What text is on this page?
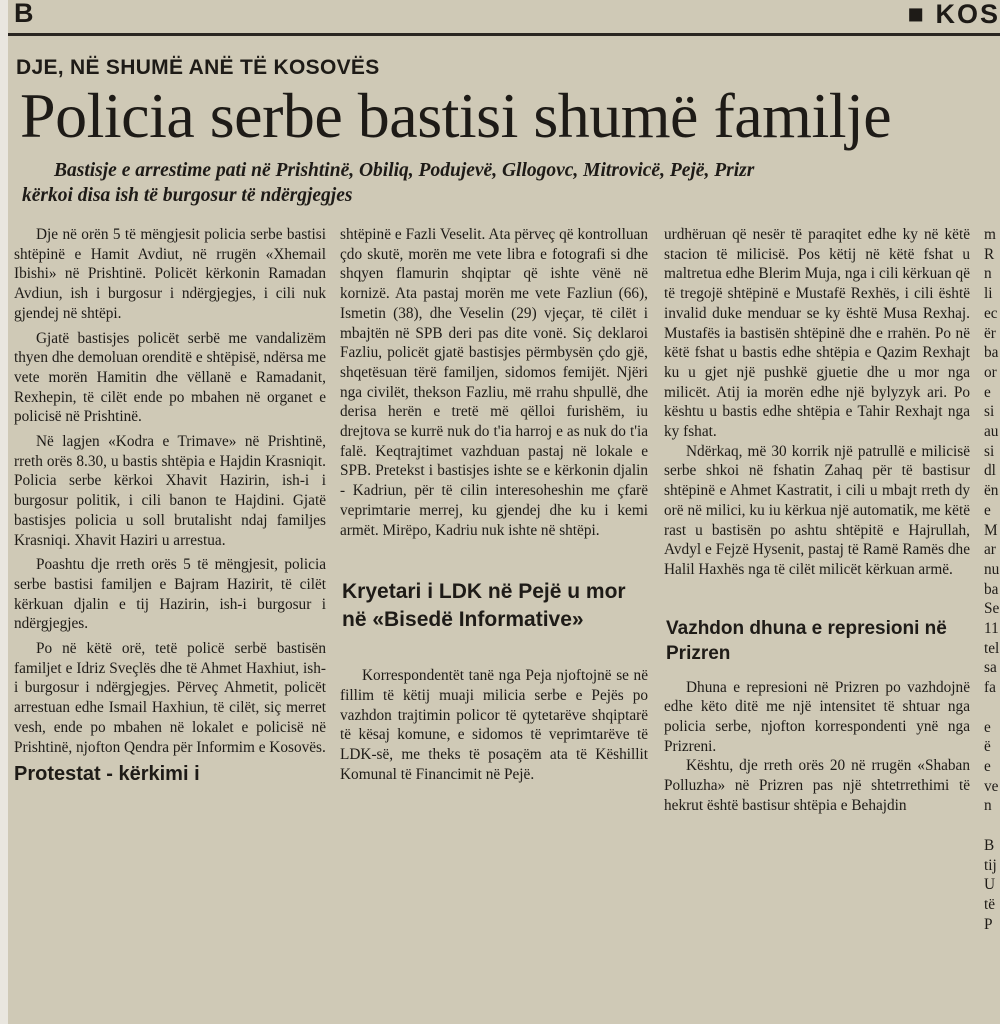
B	■ KOS
DJE, NË SHUMË ANË TË KOSOVËS
Policia serbe bastisi shumë familje
Bastisje e arrestime pati në Prishtinë, Obiliq, Podujevë, Gllogovc, Mitrovicë, Pejë, Prizr
kërkoi disa ish të burgosur të ndërgjegjes

Dje në orën 5 të mëngjesit policia serbe bastisi shtëpinë e Hamit Avdiut, në rrugën «Xhemail Ibishi» në Prishtinë. Policët kërkonin Ramadan Avdiun, ish i burgosur i ndërgjegjes, i cili nuk gjendej në shtëpi.

Gjatë bastisjes policët serbë me vandalizëm thyen dhe demoluan orenditë e shtëpisë, ndërsa me vete morën Hamitin dhe vëllanë e Ramadanit, Rexhepin, të cilët ende po mbahen në organet e policisë në Prishtinë.

Në lagjen «Kodra e Trimave» në Prishtinë, rreth orës 8.30, u bastis shtëpia e Hajdin Krasniqit. Policia serbe kërkoi Xhavit Hazirin, ish-i i burgosur politik, i cili banon te Hajdini. Gjatë bastisjes policia u soll brutalisht ndaj familjes Krasniqi. Xhavit Haziri u arrestua.

Poashtu dje rreth orës 5 të mëngjesit, policia serbe bastisi familjen e Bajram Hazirit, të cilët kërkuan djalin e tij Hazirin, ish-i burgosur i ndërgjegjes.

Po në këtë orë, tetë policë serbë bastisën familjet e Idriz Sveçlës dhe të Ahmet Haxhiut, ish-i burgosur i ndërgjegjes. Përveç Ahmetit, policët arrestuan edhe Ismail Haxhiun, të cilët, siç merret vesh, ende po mbahen në lokalet e policisë në Prishtinë, njofton Qendra për Informim e Kosovës.

Protestat - kërkimi i

shtëpinë e Fazli Veselit. Ata përveç që kontrolluan çdo skutë, morën me vete libra e fotografi si dhe shqyen flamurin shqiptar që ishte vënë në kornizë. Ata pastaj morën me vete Fazliun (66), Ismetin (38), dhe Veselin (29) vjeçar, të cilët i mbajtën në SPB deri pas dite vonë. Siç deklaroi Fazliu, policët gjatë bastisjes përmbysën çdo gjë, shqetësuan tërë familjen, sidomos femijët. Njëri nga civilët, thekson Fazliu, më rrahu shpullë, dhe derisa herën e tretë më qëlloi furishëm, iu drejtova se kurrë nuk do t'ia harroj e as nuk do t'ia falë. Keqtrajtimet vazhduan pastaj në lokale e SPB. Pretekst i bastisjes ishte se e kërkonin djalin - Kadriun, për të cilin interesoheshin me çfarë veprimtarie merrej, ku gjendej dhe ku i kemi armët. Mirëpo, Kadriu nuk ishte në shtëpi.

Kryetari i LDK në Pejë u mor në «Bisedë Informative»

Korrespondentët tanë nga Peja njoftojnë se në fillim të këtij muaji milicia serbe e Pejës po vazhdon trajtimin policor të qytetarëve shqiptarë të kësaj komune, e sidomos të veprimtarëve të LDK-së, me theks të posaçëm ata të Këshillit Komunal të Financimit në Pejë.

urdhëruan që nesër të paraqitet edhe ky në këtë stacion të milicisë. Pos këtij në këtë fshat u maltretua edhe Blerim Muja, nga i cili kërkuan që të tregojë shtëpinë e Mustafë Rexhës, i cili është invalid duke menduar se ky është Musa Rexhaj. Mustafës ia bastisën shtëpinë dhe e rrahën. Po në këtë fshat u bastis edhe shtëpia e Qazim Rexhajt ku u gjet një pushkë gjuetie dhe u mor nga milicët. Atij ia morën edhe një bylyzyk ari. Po kështu u bastis edhe shtëpia e Tahir Rexhajt nga ky fshat.

Ndërkaq, më 30 korrik një patrullë e milicisë serbe shkoi në fshatin Zahaq për të bastisur shtëpinë e Ahmet Kastratit, i cili u mbajt rreth dy orë në milici, ku iu kërkua një automatik, me këtë rast u bastisën po ashtu shtëpitë e Hajrullah, Avdyl e Fejzë Hysenit, pastaj të Ramë Ramës dhe Halil Haxhës nga të cilët milicët kërkuan armë.

Vazhdon dhuna e represioni në Prizren

Dhuna e represioni në Prizren po vazhdojnë edhe këto ditë me një intensitet të shtuar nga policia serbe, njofton korrespondenti ynë nga Prizreni.

Kështu, dje rreth orës 20 në rrugën «Shaban Polluzha» në Prizren pas një shtetrrethimi të hekrut është bastisur shtëpia e Behajdin

m
R
n
li
ec
ër
ba
or
e
si
au
si
dl
ën
e
M
ar
nu
ba
Se
11
tel
sa
fa

e
ë
e
ve
n

B
tij
U
të
P
